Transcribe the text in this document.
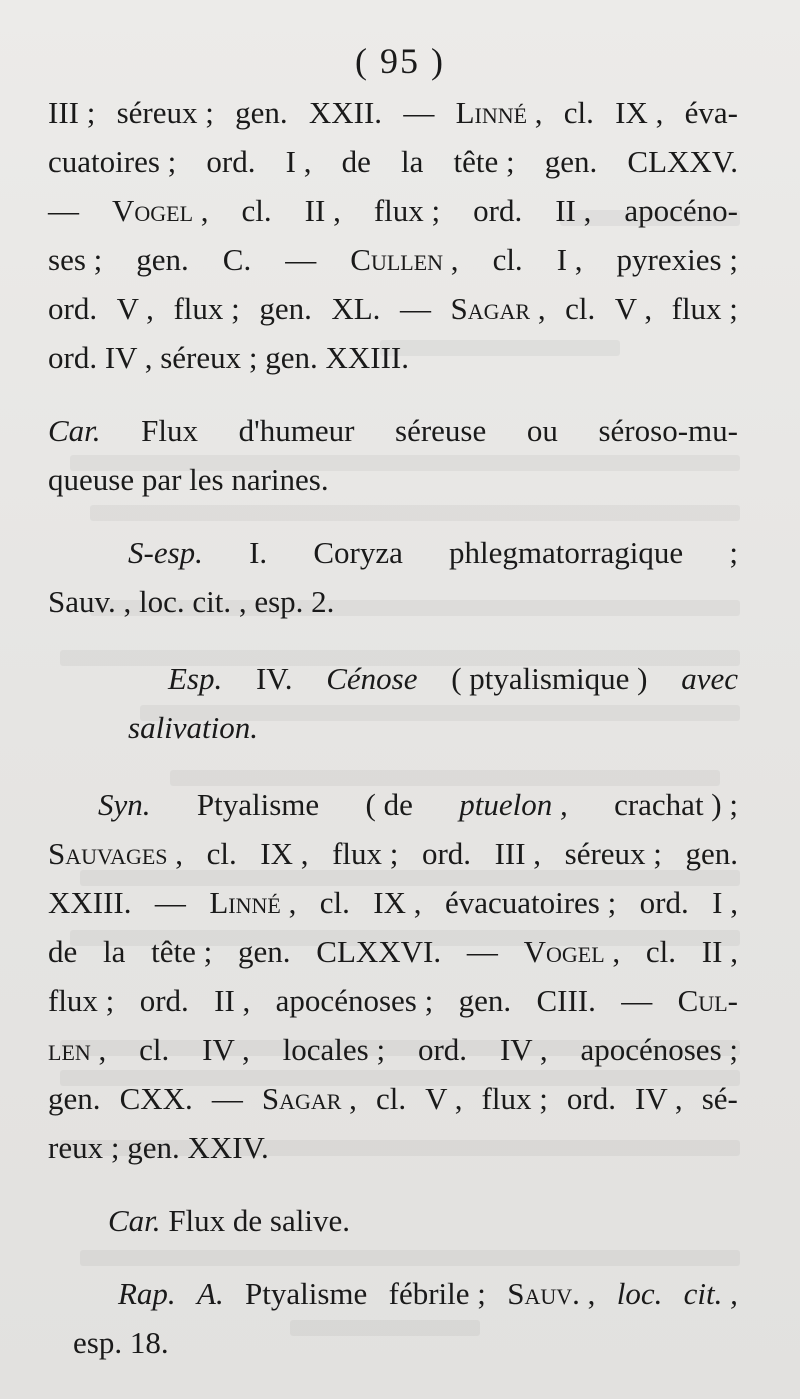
( 95 )
III ; séreux ; gen. XXII. — Linné , cl. IX , éva-
cuatoires ; ord. I , de la tête ; gen. CLXXV.
— Vogel , cl. II , flux ; ord. II , apocéno-
ses ; gen. C. — Cullen , cl. I , pyrexies ;
ord. V , flux ; gen. XL. — Sagar , cl. V , flux ;
ord. IV , séreux ; gen. XXIII.
Car. Flux d'humeur séreuse ou séroso-mu-
queuse par les narines.
S-esp. I. Coryza phlegmatorragique ;
Sauv. , loc. cit. , esp. 2.
Esp. IV. Cénose ( ptyalismique ) avec
salivation.
Syn. Ptyalisme ( de ptuelon , crachat ) ;
Sauvages , cl. IX , flux ; ord. III , séreux ; gen.
XXIII. — Linné , cl. IX , évacuatoires ; ord. I ,
de la tête ; gen. CLXXVI. — Vogel , cl. II ,
flux ; ord. II , apocénoses ; gen. CIII. — Cul-
len , cl. IV , locales ; ord. IV , apocénoses ;
gen. CXX. — Sagar , cl. V , flux ; ord. IV , sé-
reux ; gen. XXIV.
Car.
Flux de salive.
Rap. A. Ptyalisme fébrile ; Sauv. , loc. cit. ,
esp. 18.
